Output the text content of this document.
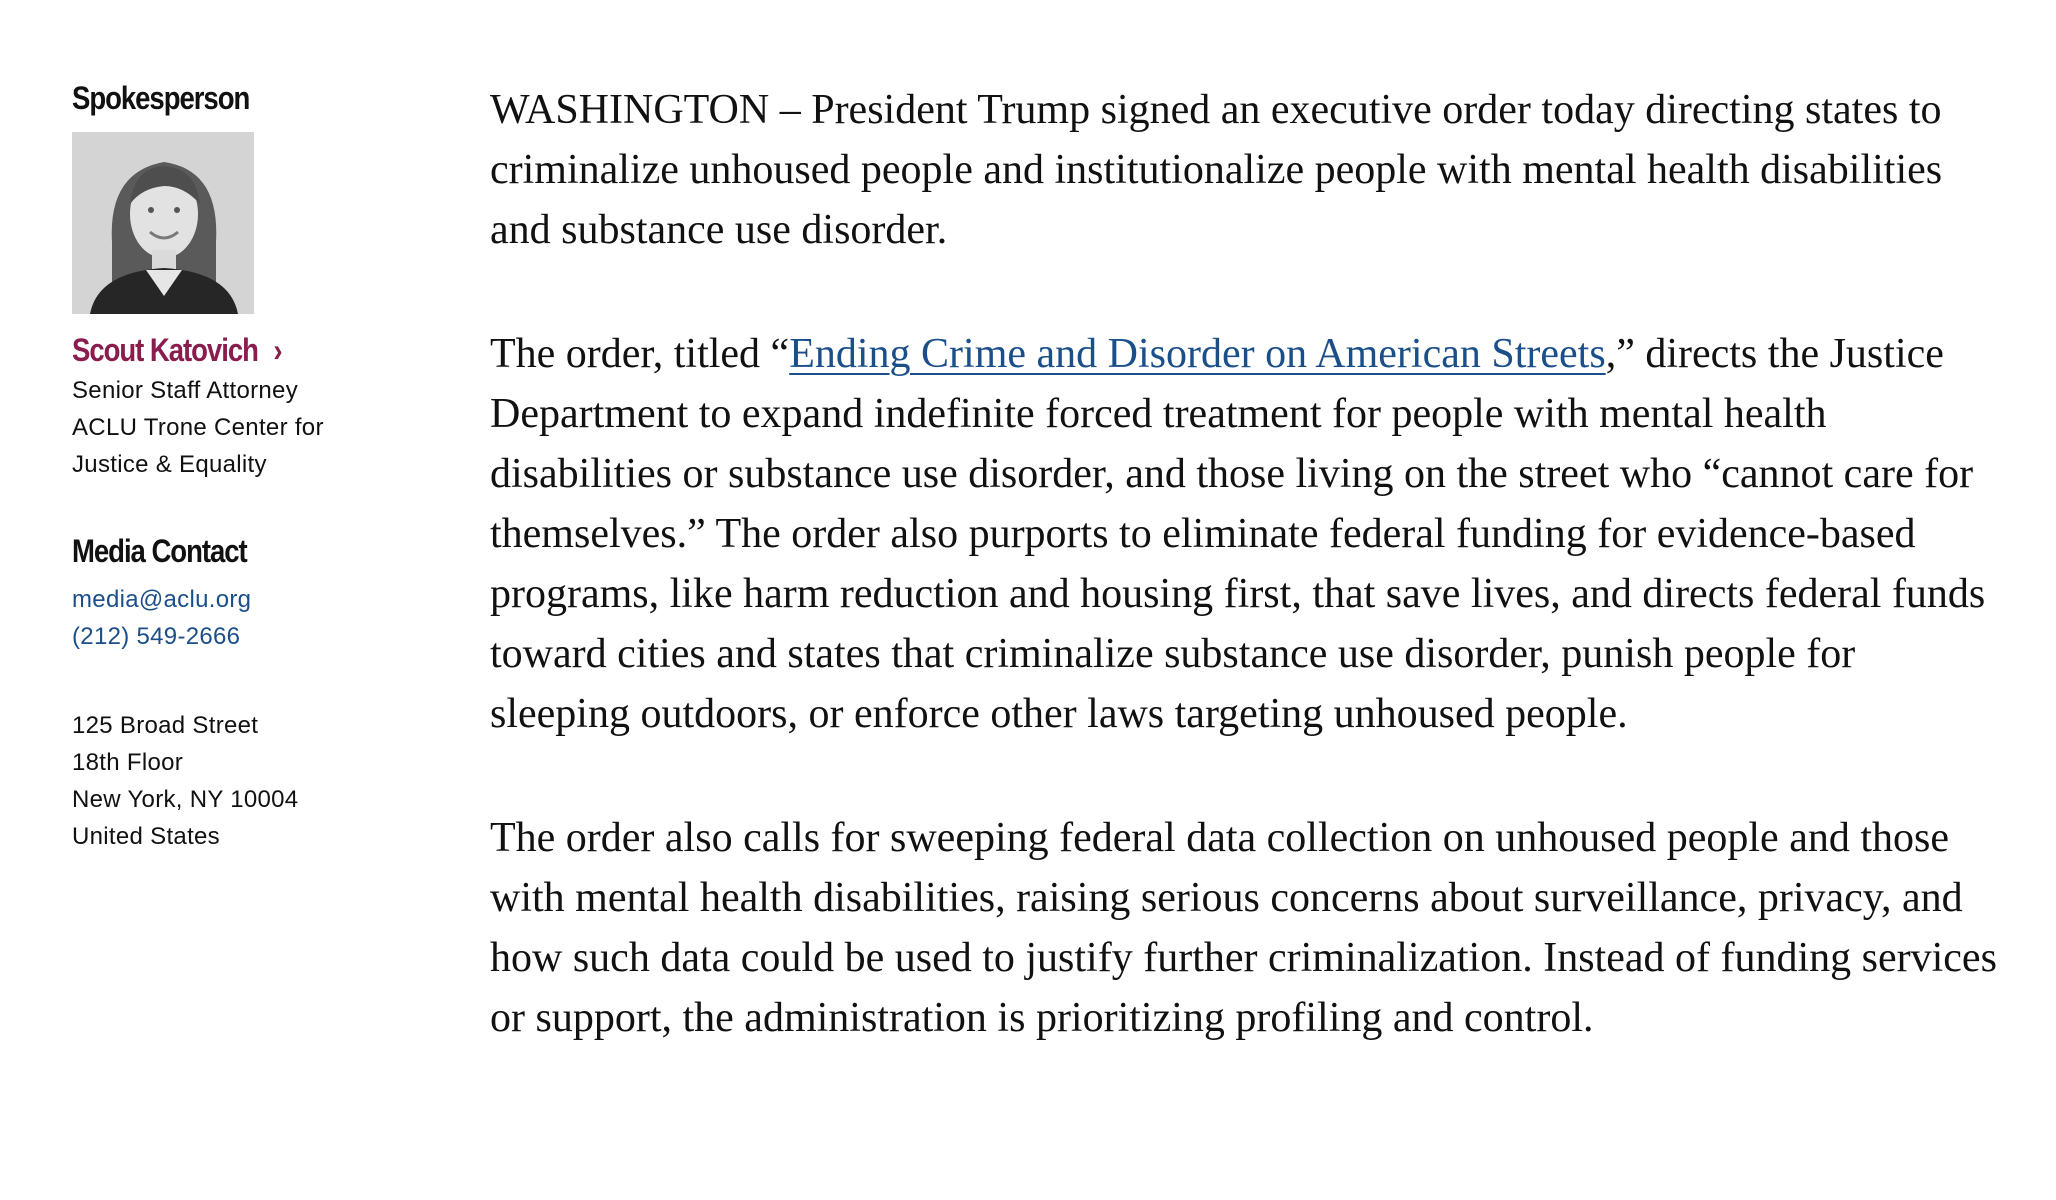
Spokesperson
Scout Katovich ›
Senior Staff Attorney
ACLU Trone Center for
Justice & Equality
Media Contact
media@aclu.org
(212) 549-2666
125 Broad Street
18th Floor
New York, NY 10004
United States

WASHINGTON – President Trump signed an executive order today directing states to criminalize unhoused people and institutionalize people with mental health disabilities and substance use disorder.

The order, titled “Ending Crime and Disorder on American Streets,” directs the Justice Department to expand indefinite forced treatment for people with mental health disabilities or substance use disorder, and those living on the street who “cannot care for themselves.” The order also purports to eliminate federal funding for evidence-based programs, like harm reduction and housing first, that save lives, and directs federal funds toward cities and states that criminalize substance use disorder, punish people for sleeping outdoors, or enforce other laws targeting unhoused people.

The order also calls for sweeping federal data collection on unhoused people and those with mental health disabilities, raising serious concerns about surveillance, privacy, and how such data could be used to justify further criminalization. Instead of funding services or support, the administration is prioritizing profiling and control.
